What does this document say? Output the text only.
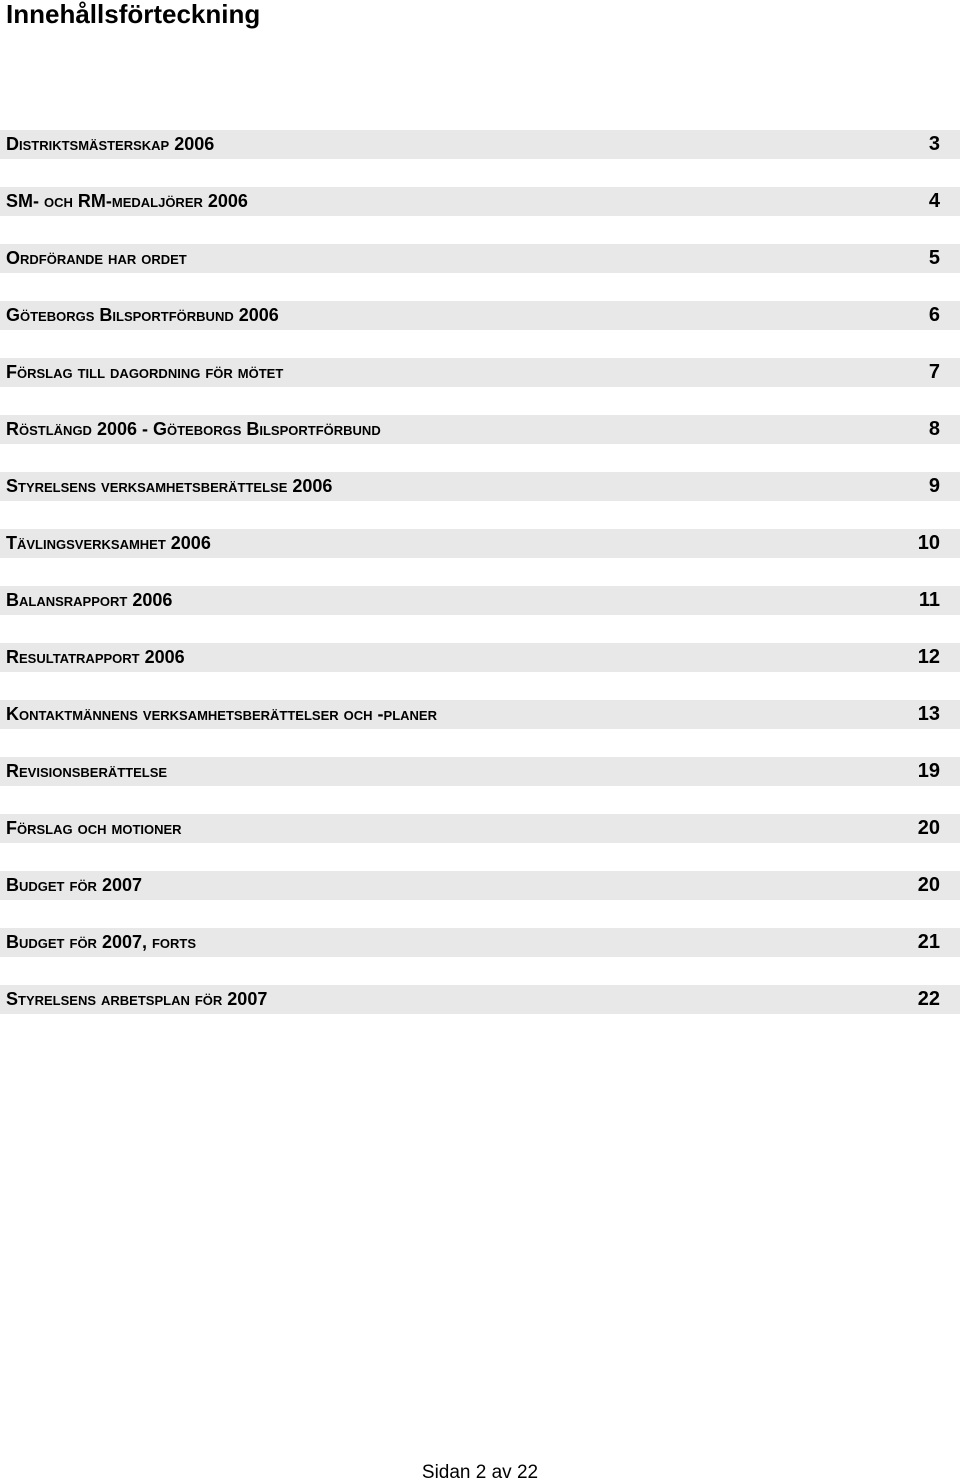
Innehållsförteckning
Distriktsmästerskap 2006	3
SM- och RM-medaljörer 2006	4
Ordförande har ordet	5
Göteborgs Bilsportförbund 2006	6
Förslag till dagordning för mötet	7
Röstlängd 2006 - Göteborgs Bilsportförbund	8
Styrelsens verksamhetsberättelse 2006	9
Tävlingsverksamhet 2006	10
Balansrapport 2006	11
Resultatrapport 2006	12
Kontaktmännens verksamhetsberättelser och -planer	13
Revisionsberättelse	19
Förslag och motioner	20
Budget för 2007	20
Budget för 2007, forts	21
Styrelsens arbetsplan för 2007	22
Sidan 2 av 22
